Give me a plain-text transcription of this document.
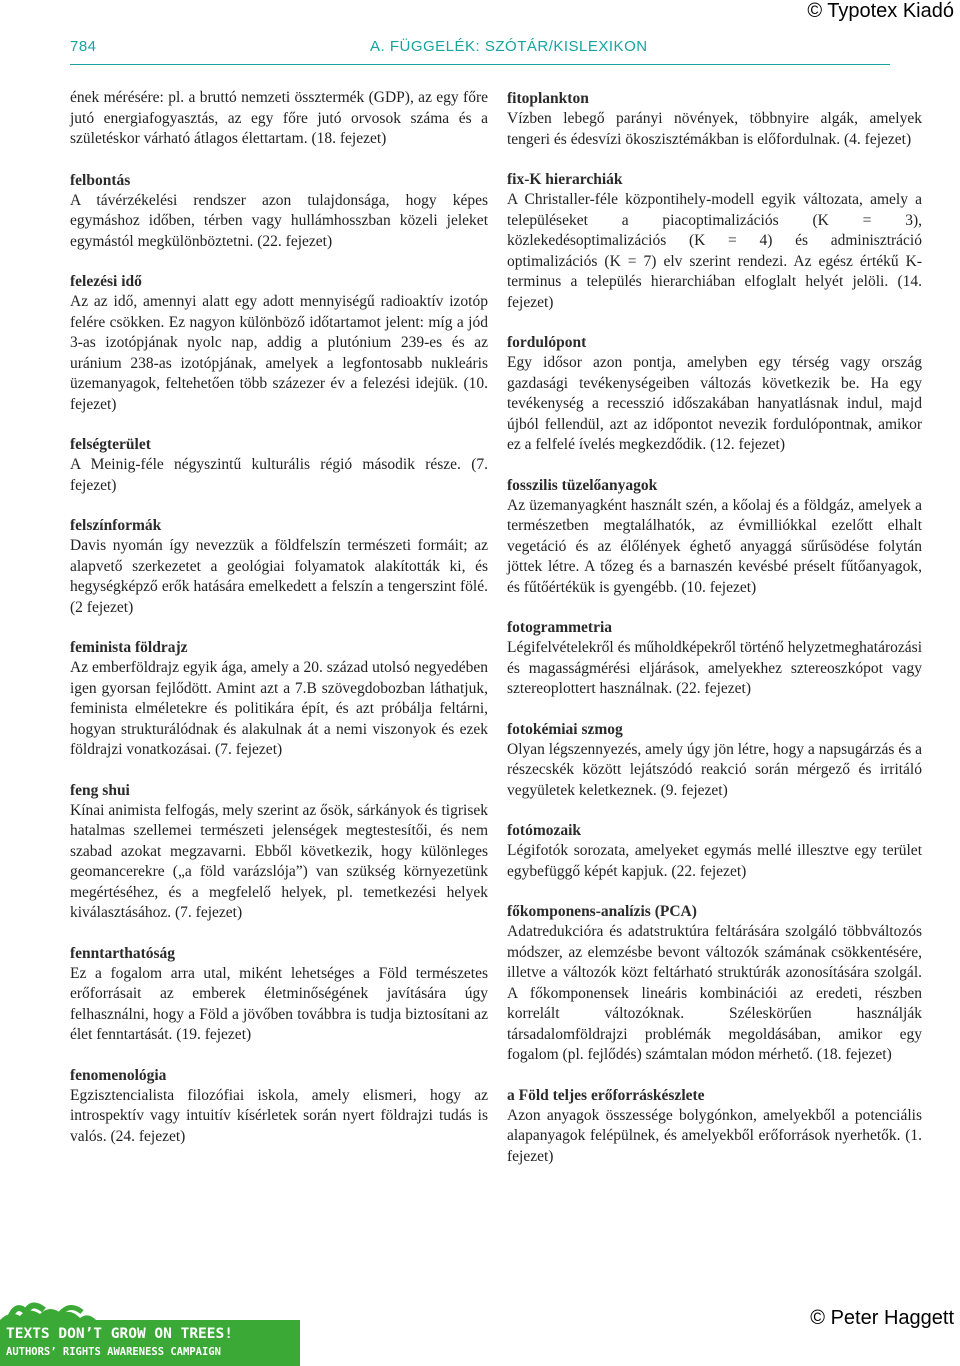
© Typotex Kiadó
784	A. FÜGGELÉK: SZÓTÁR/KISLEXIKON
ének mérésére: pl. a bruttó nemzeti össztermék (GDP), az egy főre jutó energiafogyasztás, az egy főre jutó orvosok száma és a születéskor várható átlagos élettartam. (18. fejezet)
felbontás
A távérzékelési rendszer azon tulajdonsága, hogy képes egymáshoz időben, térben vagy hullámhosszban közeli jeleket egymástól megkülönböztetni. (22. fejezet)
felezési idő
Az az idő, amennyi alatt egy adott mennyiségű radioaktív izotóp felére csökken. Ez nagyon különböző időtartamot jelent: míg a jód 3-as izotópjának nyolc nap, addig a plutónium 239-es és az uránium 238-as izotópjának, amelyek a legfontosabb nukleáris üzemanyagok, feltehetően több százezer év a felezési idejük. (10. fejezet)
felségterület
A Meinig-féle négyszintű kulturális régió második része. (7. fejezet)
felszínformák
Davis nyomán így nevezzük a földfelszín természeti formáit; az alapvető szerkezetet a geológiai folyamatok alakították ki, és hegységképző erők hatására emelkedett a felszín a tengerszint fölé. (2 fejezet)
feminista földrajz
Az emberföldrajz egyik ága, amely a 20. század utolsó negyedében igen gyorsan fejlődött. Amint azt a 7.B szövegdobozban láthatjuk, feminista elméletekre és politikára épít, és azt próbálja feltárni, hogyan strukturálódnak és alakulnak át a nemi viszonyok és ezek földrajzi vonatkozásai. (7. fejezet)
feng shui
Kínai animista felfogás, mely szerint az ősök, sárkányok és tigrisek hatalmas szellemei természeti jelenségek megtestesítői, és nem szabad azokat megzavarni. Ebből következik, hogy különleges geomancerekre („a föld varázslója”) van szükség környezetünk megértéséhez, és a megfelelő helyek, pl. temetkezési helyek kiválasztásához. (7. fejezet)
fenntarthatóság
Ez a fogalom arra utal, miként lehetséges a Föld természetes erőforrásait az emberek életminőségének javítására úgy felhasználni, hogy a Föld a jövőben továbbra is tudja biztosítani az élet fenntartását. (19. fejezet)
fenomenológia
Egzisztencialista filozófiai iskola, amely elismeri, hogy az introspektív vagy intuitív kísérletek során nyert földrajzi tudás is valós. (24. fejezet)
fitoplankton
Vízben lebegő parányi növények, többnyire algák, amelyek tengeri és édesvízi ökoszisztémákban is előfordulnak. (4. fejezet)
fix-K hierarchiák
A Christaller-féle központihely-modell egyik változata, amely a településeket a piacoptimalizációs (K = 3), közlekedésoptimalizációs (K = 4) és adminisztráció optimalizációs (K = 7) elv szerint rendezi. Az egész értékű K-terminus a település hierarchiában elfoglalt helyét jelöli. (14. fejezet)
fordulópont
Egy idősor azon pontja, amelyben egy térség vagy ország gazdasági tevékenységeiben változás következik be. Ha egy tevékenység a recesszió időszakában hanyatlásnak indul, majd újból fellendül, azt az időpontot nevezik fordulópontnak, amikor ez a felfelé ívelés megkezdődik. (12. fejezet)
fosszilis tüzelőanyagok
Az üzemanyagként használt szén, a kőolaj és a földgáz, amelyek a természetben megtalálhatók, az évmilliókkal ezelőtt elhalt vegetáció és az élőlények éghető anyaggá sűrűsödése folytán jöttek létre. A tőzeg és a barnaszén kevésbé préselt fűtőanyagok, és fűtőértékük is gyengébb. (10. fejezet)
fotogrammetria
Légifelvételekről és műholdképekről történő helyzetmeghatározási és magasságmérési eljárások, amelyekhez sztereoszkópot vagy sztereoplottert használnak. (22. fejezet)
fotokémiai szmog
Olyan légszennyezés, amely úgy jön létre, hogy a napsugárzás és a részecskék között lejátszódó reakció során mérgező és irritáló vegyületek keletkeznek. (9. fejezet)
fotómozaik
Légifotók sorozata, amelyeket egymás mellé illesztve egy terület egybefüggő képét kapjuk. (22. fejezet)
főkomponens-analízis (PCA)
Adatredukcióra és adatstruktúra feltárására szolgáló többváltozós módszer, az elemzésbe bevont változók számának csökkentésére, illetve a változók közt feltárható struktúrák azonosítására szolgál. A főkomponensek lineáris kombinációi az eredeti, részben korrelált változóknak. Széleskörűen használják társadalomföldrajzi problémák megoldásában, amikor egy fogalom (pl. fejlődés) számtalan módon mérhető. (18. fejezet)
a Föld teljes erőforráskészlete
Azon anyagok összessége bolygónkon, amelyekből a potenciális alapanyagok felépülnek, és amelyekből erőforrások nyerhetők. (1. fejezet)
TEXTS DON’T GROW ON TREES!
AUTHORS’ RIGHTS AWARENESS CAMPAIGN
© Peter Haggett
